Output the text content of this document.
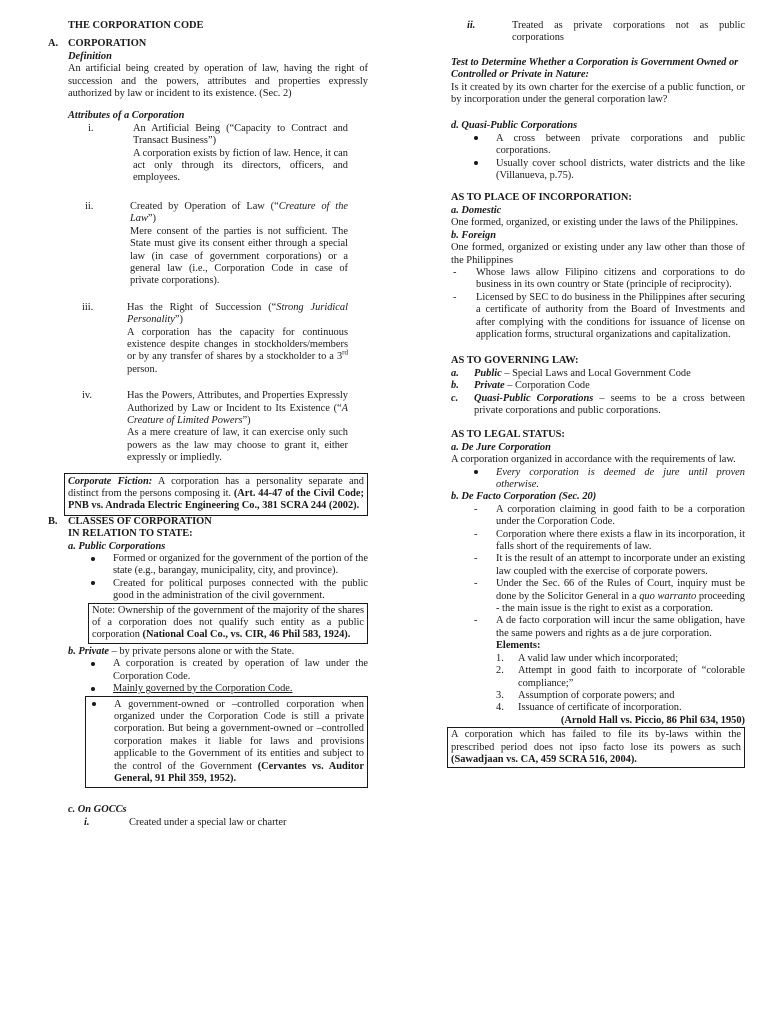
THE CORPORATION CODE

A. CORPORATION

Definition

An artificial being created by operation of law, having the right of succession and the powers, attributes and properties expressly authorized by law or incident to its existence. (Sec. 2)

Attributes of a Corporation

i.	An Artificial Being (“Capacity to Contract and Transact Business”)

A corporation exists by fiction of law. Hence, it can act only through its directors, officers, and employees.

ii.	Created by Operation of Law (“Creature of the Law”)

Mere consent of the parties is not sufficient. The State must give its consent either through a special law (in case of government corporations) or a general law (i.e., Corporation Code in case of private corporations).

iii.	Has the Right of Succession (“Strong Juridical Personality”)

A corporation has the capacity for continuous existence despite changes in stockholders/members or by any transfer of shares by a stockholder to a 3rd person.

iv.	Has the Powers, Attributes, and Properties Expressly Authorized by Law or Incident to Its Existence (“A Creature of Limited Powers”)

As a mere creature of law, it can exercise only such powers as the law may choose to grant it, either expressly or impliedly.

Corporate Fiction: A corporation has a personality separate and distinct from the persons composing it. (Art. 44-47 of the Civil Code; PNB vs. Andrada Electric Engineering Co., 381 SCRA 244 (2002).
B.	CLASSES OF CORPORATION

IN RELATION TO STATE:

a. Public Corporations

Formed or organized for the government of the portion of the state (e.g., barangay, municipality, city, and province).
Created for political purposes connected with the public good in the administration of the civil government.
Note: Ownership of the government of the majority of the shares of a corporation does not qualify such entity as a public corporation (National Coal Co., vs. CIR, 46 Phil 583, 1924).

b. Private – by private persons alone or with the State.

A corporation is created by operation of law under the Corporation Code.
Mainly governed by the Corporation Code.
A government-owned or –controlled corporation when organized under the Corporation Code is still a private corporation. But being a government-owned or –controlled corporation makes it liable for laws and provisions applicable to the Government of its entities and subject to the control of the Government (Cervantes vs. Auditor General, 91 Phil 359, 1952).

c. On GOCCs

i.	Created under a special law or charter
ii.	Treated as private corporations not as public corporations

Test to Determine Whether a Corporation is Government Owned or Controlled or Private in Nature:

Is it created by its own charter for the exercise of a public function, or by incorporation under the general corporation law?

d. Quasi-Public Corporations

A cross between private corporations and public corporations.
Usually cover school districts, water districts and the like (Villanueva, p.75).

AS TO PLACE OF INCORPORATION:

a. Domestic

One formed, organized, or existing under the laws of the Philippines.

b. Foreign

One formed, organized or existing under any law other than those of the Philippines

-	Whose laws allow Filipino citizens and corporations to do business in its own country or State (principle of reciprocity).
-	Licensed by SEC to do business in the Philippines after securing a certificate of authority from the Board of Investments and after complying with the conditions for issuance of license on application forms, structural organizations and capitalization.

AS TO GOVERNING LAW:

a.	Public – Special Laws and Local Government Code
b.	Private – Corporation Code
c.	Quasi-Public Corporations – seems to be a cross between private corporations and public corporations.

AS TO LEGAL STATUS:

a. De Jure Corporation

A corporation organized in accordance with the requirements of law.

Every corporation is deemed de jure until proven otherwise.

b. De Facto Corporation (Sec. 20)

-	A corporation claiming in good faith to be a corporation under the Corporation Code.
-	Corporation where there exists a flaw in its incorporation, it falls short of the requirements of law.
-	It is the result of an attempt to incorporate under an existing law coupled with the exercise of corporate powers.
-	Under the Sec. 66 of the Rules of Court, inquiry must be done by the Solicitor General in a quo warranto proceeding - the main issue is the right to exist as a corporation.
-	A de facto corporation will incur the same obligation, have the same powers and rights as a de jure corporation.

Elements:

1.	A valid law under which incorporated;
2.	Attempt in good faith to incorporate of “colorable compliance;”
3.	Assumption of corporate powers; and
4.	Issuance of certificate of incorporation.

(Arnold Hall vs. Piccio, 86 Phil 634, 1950)

A corporation which has failed to file its by-laws within the prescribed period does not ipso facto lose its powers as such (Sawadjaan vs. CA, 459 SCRA 516, 2004).
